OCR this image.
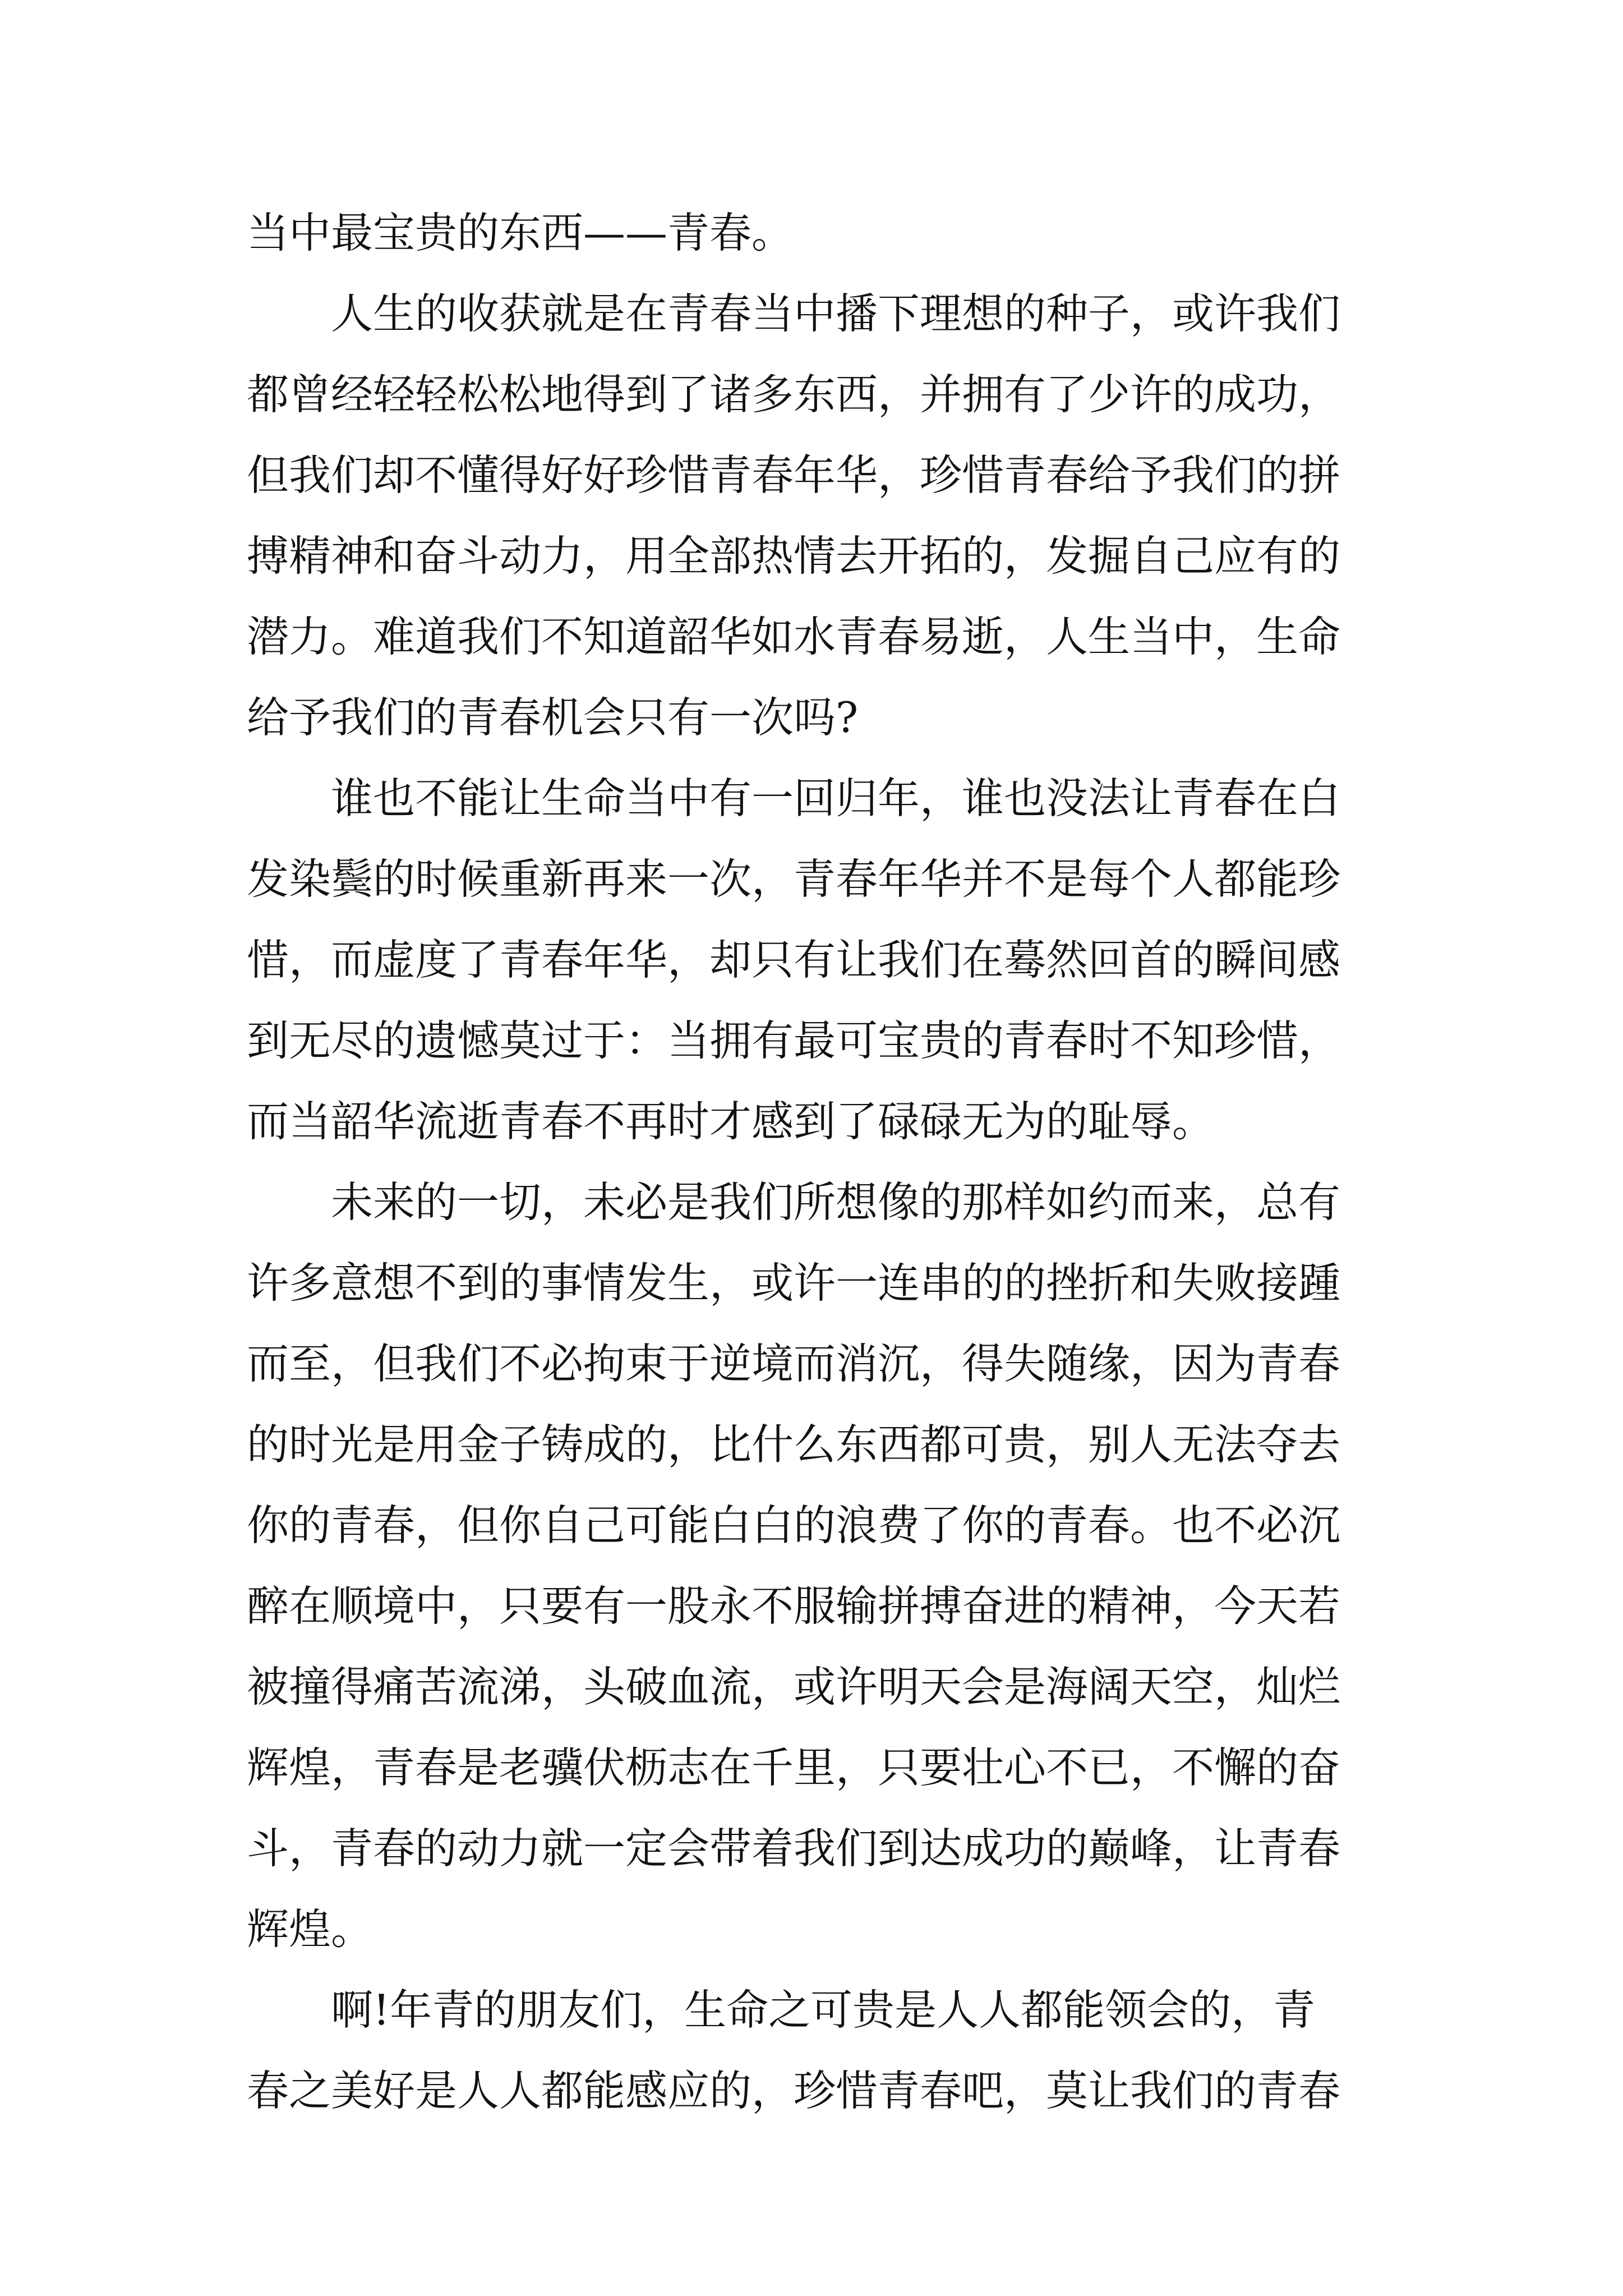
当中最宝贵的东西——青春。
人生的收获就是在青春当中播下理想的种子，或许我们
都曾经轻轻松松地得到了诸多东西，并拥有了少许的成功，
但我们却不懂得好好珍惜青春年华，珍惜青春给予我们的拼
搏精神和奋斗动力，用全部热情去开拓的，发掘自己应有的
潜力。难道我们不知道韶华如水青春易逝，人生当中，生命
给予我们的青春机会只有一次吗?
谁也不能让生命当中有一回归年，谁也没法让青春在白
发染鬓的时候重新再来一次，青春年华并不是每个人都能珍
惜，而虚度了青春年华，却只有让我们在蓦然回首的瞬间感
到无尽的遗憾莫过于：当拥有最可宝贵的青春时不知珍惜，
而当韶华流逝青春不再时才感到了碌碌无为的耻辱。
未来的一切，未必是我们所想像的那样如约而来，总有
许多意想不到的事情发生，或许一连串的的挫折和失败接踵
而至，但我们不必拘束于逆境而消沉，得失随缘，因为青春
的时光是用金子铸成的，比什么东西都可贵，别人无法夺去
你的青春，但你自己可能白白的浪费了你的青春。也不必沉
醉在顺境中，只要有一股永不服输拼搏奋进的精神，今天若
被撞得痛苦流涕，头破血流，或许明天会是海阔天空，灿烂
辉煌，青春是老骥伏枥志在千里，只要壮心不已，不懈的奋
斗，青春的动力就一定会带着我们到达成功的巅峰，让青春
辉煌。
啊!年青的朋友们，生命之可贵是人人都能领会的，青
春之美好是人人都能感应的，珍惜青春吧，莫让我们的青春
